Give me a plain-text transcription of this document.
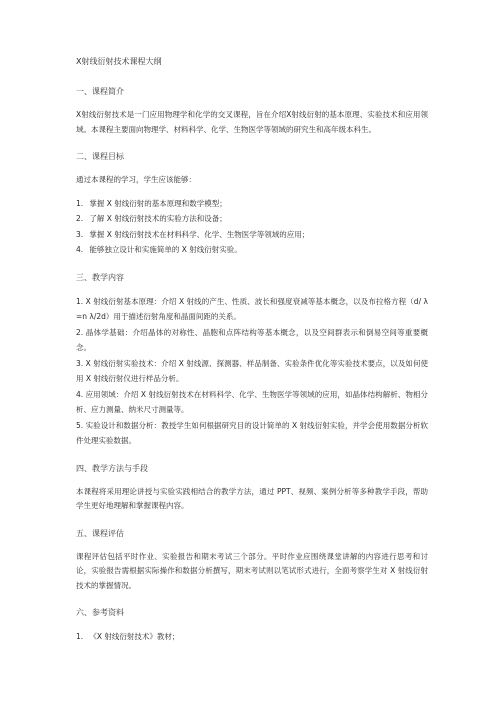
X射线衍射技术课程大纲
一、课程简介

X射线衍射技术是一门应用物理学和化学的交叉课程，旨在介绍X射线衍射的基本原理、实验技术和应用领域。本课程主要面向物理学、材料科学、化学、生物医学等领域的研究生和高年级本科生。

二、课程目标

通过本课程的学习，学生应该能够：

1. 掌握 X 射线衍射的基本原理和数学模型；
2. 了解 X 射线衍射技术的实验方法和设备；
3. 掌握 X 射线衍射技术在材料科学、化学、生物医学等领域的应用；
4. 能够独立设计和实施简单的 X 射线衍射实验。
三、教学内容
1. X 射线衍射基本原理：介绍 X 射线的产生、性质、波长和强度衰减等基本概念，以及布拉格方程（d/ λ =n λ/2d）用于描述衍射角度和晶面间距的关系。
2. 晶体学基础：介绍晶体的对称性、晶胞和点阵结构等基本概念，以及空间群表示和倒易空间等重要概念。
3. X 射线衍射实验技术：介绍 X 射线源、探测器、样品制备、实验条件优化等实验技术要点，以及如何使用 X 射线衍射仪进行样品分析。
4. 应用领域：介绍 X 射线衍射技术在材料科学、化学、生物医学等领域的应用，如晶体结构解析、物相分析、应力测量、纳米尺寸测量等。
5. 实验设计和数据分析：教授学生如何根据研究目的设计简单的 X 射线衍射实验，并学会使用数据分析软件处理实验数据。
四、教学方法与手段

本课程将采用理论讲授与实验实践相结合的教学方法，通过 PPT、视频、案例分析等多种教学手段，帮助学生更好地理解和掌握课程内容。

五、课程评估

课程评估包括平时作业、实验报告和期末考试三个部分。平时作业应围绕课堂讲解的内容进行思考和讨论，实验报告需根据实际操作和数据分析撰写，期末考试则以笔试形式进行，全面考察学生对 X 射线衍射技术的掌握情况。

六、参考资料
1. 《X 射线衍射技术》教材；
